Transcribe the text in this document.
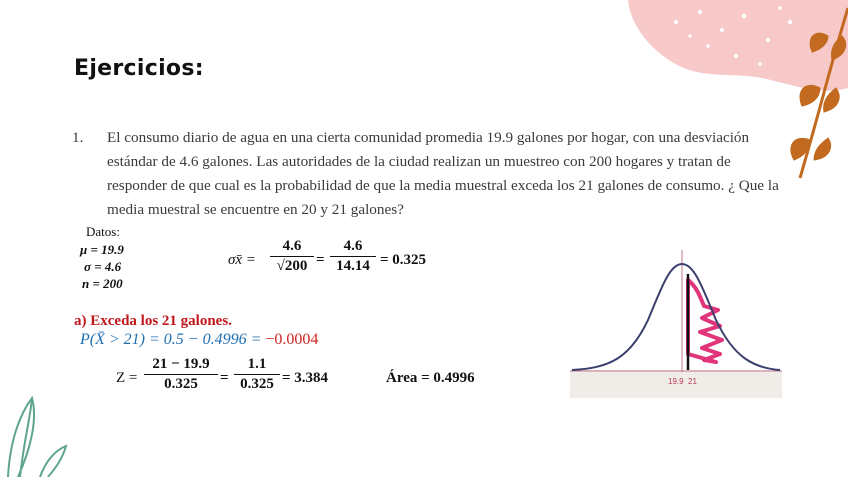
Ejercicios:
1. El consumo diario de agua en una cierta comunidad promedia 19.9 galones por hogar, con una desviación estándar de 4.6 galones. Las autoridades de la ciudad realizan un muestreo con 200 hogares y tratan de responder de que cual es la probabilidad de que la media muestral exceda los 21 galones de consumo. ¿ Que la media muestral se encuentre en 20 y 21 galones?
Datos:
μ = 19.9
σ = 4.6
n = 200
σx̄ =
4.6
√200 =
4.6
14.14 = 0.325
a) Exceda los 21 galones.
P(X̄ > 21) = 0.5 − 0.4996 = −0.0004
Z =
21 − 19.9
0.325	=
1.1
0.325 = 3.384	Área = 0.4996	19.9 21
